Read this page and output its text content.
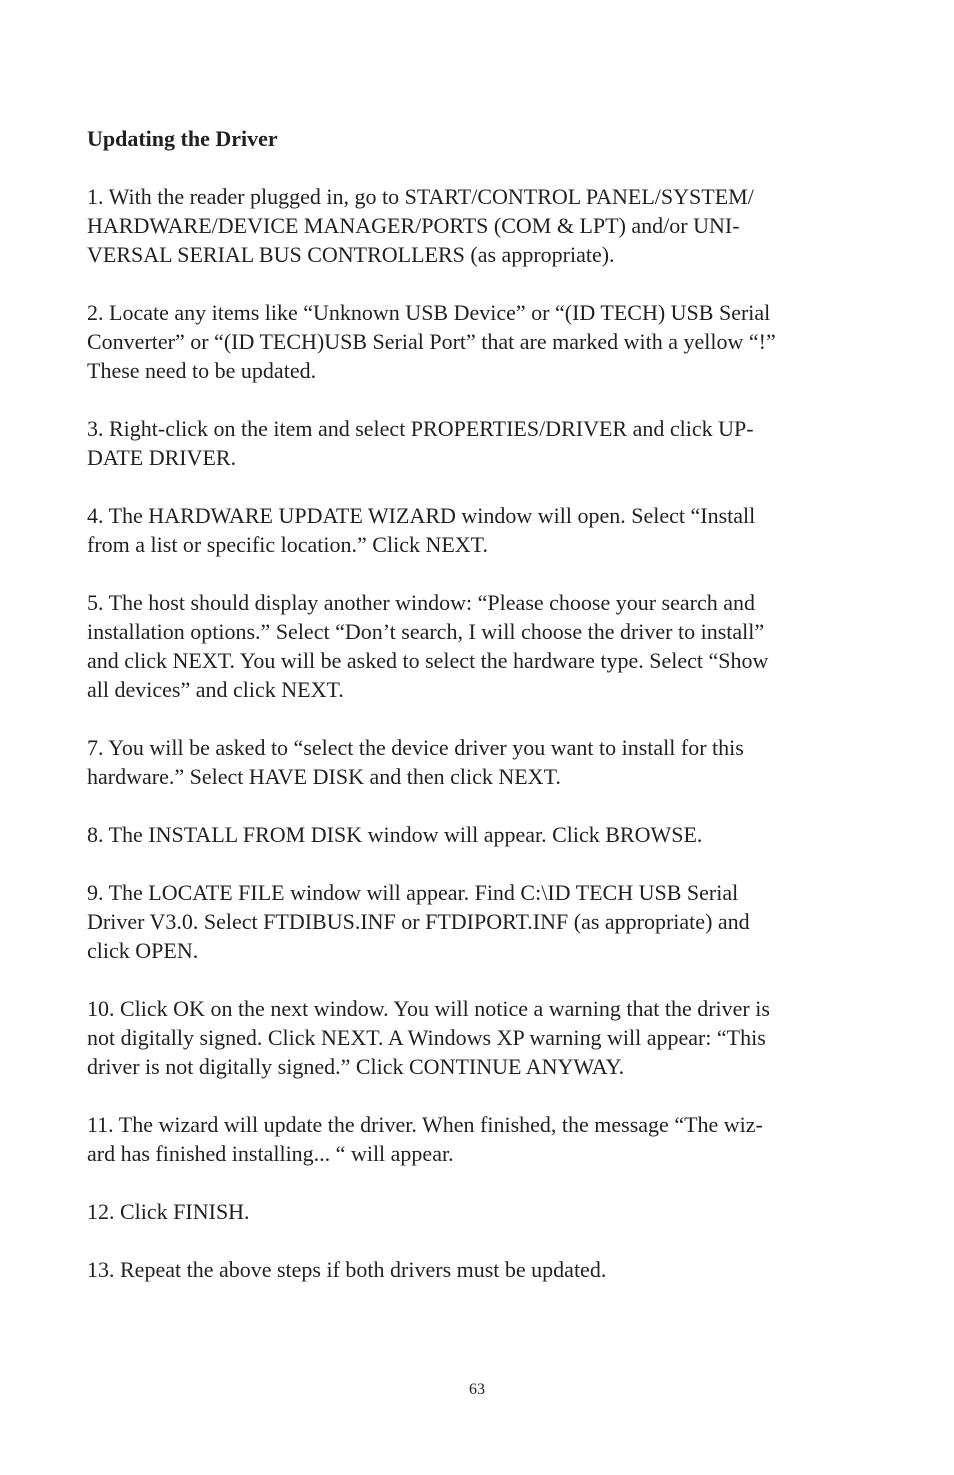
Updating the Driver
1. With the reader plugged in, go to START/CONTROL PANEL/SYSTEM/
HARDWARE/DEVICE MANAGER/PORTS (COM & LPT) and/or UNI-
VERSAL SERIAL BUS CONTROLLERS (as appropriate).
2. Locate any items like “Unknown USB Device” or “(ID TECH) USB Serial
Converter” or “(ID TECH)USB Serial Port” that are marked with a yellow “!”
These need to be updated.
3. Right-click on the item and select PROPERTIES/DRIVER and click UP-
DATE DRIVER.
4. The HARDWARE UPDATE WIZARD window will open. Select “Install
from a list or specific location.” Click NEXT.
5. The host should display another window: “Please choose your search and
installation options.” Select “Don’t search, I will choose the driver to install”
and click NEXT. You will be asked to select the hardware type. Select “Show
all devices” and click NEXT.
7. You will be asked to “select the device driver you want to install for this
hardware.” Select HAVE DISK and then click NEXT.
8. The INSTALL FROM DISK window will appear. Click BROWSE.
9. The LOCATE FILE window will appear. Find C:\ID TECH USB Serial
Driver V3.0. Select FTDIBUS.INF or FTDIPORT.INF (as appropriate) and
click OPEN.
10. Click OK on the next window. You will notice a warning that the driver is
not digitally signed. Click NEXT. A Windows XP warning will appear: “This
driver is not digitally signed.” Click CONTINUE ANYWAY.
11. The wizard will update the driver. When finished, the message “The wiz-
ard has finished installing... “ will appear.
12. Click FINISH.
13. Repeat the above steps if both drivers must be updated.
63
